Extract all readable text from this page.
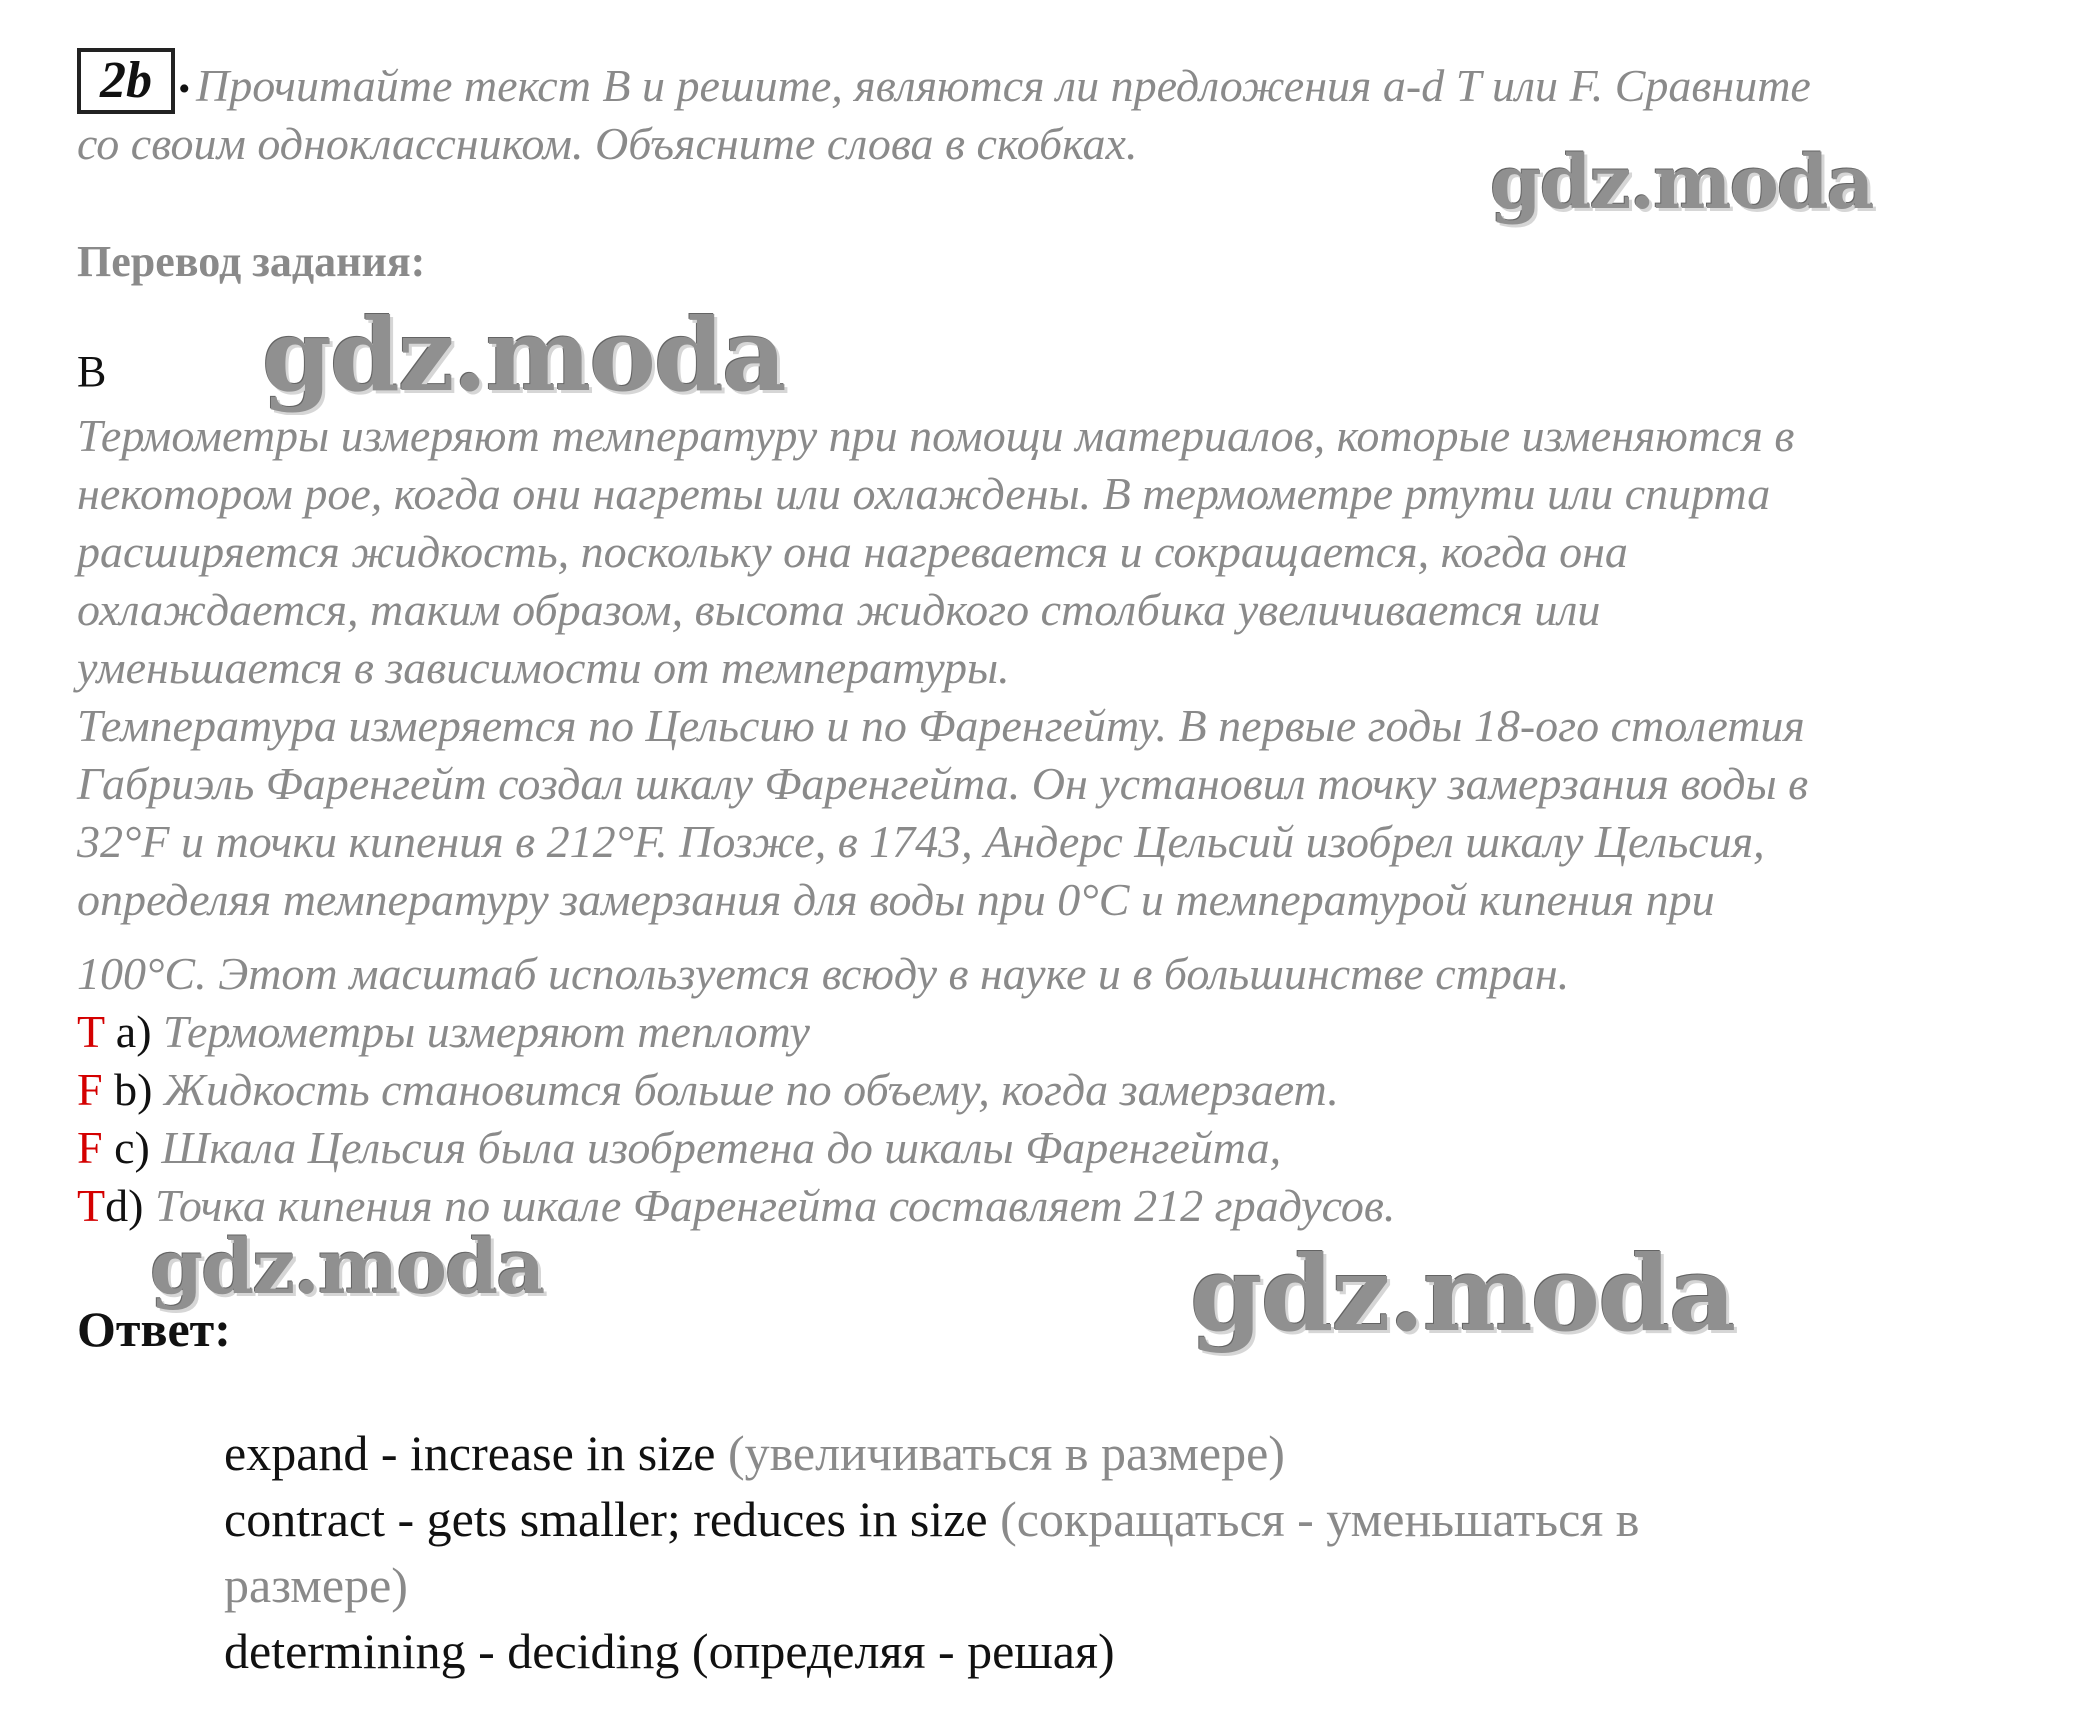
2b . Прочитайте текст В и решите, являются ли предложения a-d T или F. Сравните
со своим одноклассником. Объясните слова в скобках.
Перевод задания:
B
Термометры измеряют температуру при помощи материалов, которые изменяются в
некотором рое, когда они нагреты или охлаждены. В термометре ртути или спирта
расширяется жидкость, поскольку она нагревается и сокращается, когда она
охлаждается, таким образом, высота жидкого столбика увеличивается или
уменьшается в зависимости от температуры.
Температура измеряется по Цельсию и по Фаренгейту. В первые годы 18-ого столетия
Габриэль Фаренгейт создал шкалу Фаренгейта. Он установил точку замерзания воды в
32°F и точки кипения в 212°F. Позже, в 1743, Андерс Цельсий изобрел шкалу Цельсия,
определяя температуру замерзания для воды при 0°C и температурой кипения при
100°C. Этот масштаб используется всюду в науке и в большинстве стран.
T a) Термометры измеряют теплоту
F b) Жидкость становится больше по объему, когда замерзает.
F c) Шкала Цельсия была изобретена до шкалы Фаренгейта,
Td) Точка кипения по шкале Фаренгейта составляет 212 градусов.
Ответ:
expand - increase in size (увеличиваться в размере)
contract - gets smaller; reduces in size (сокращаться - уменьшаться в
размере)
determining - deciding (определяя - решая)
gdz.moda
gdz.moda
gdz.moda	gdz.moda
